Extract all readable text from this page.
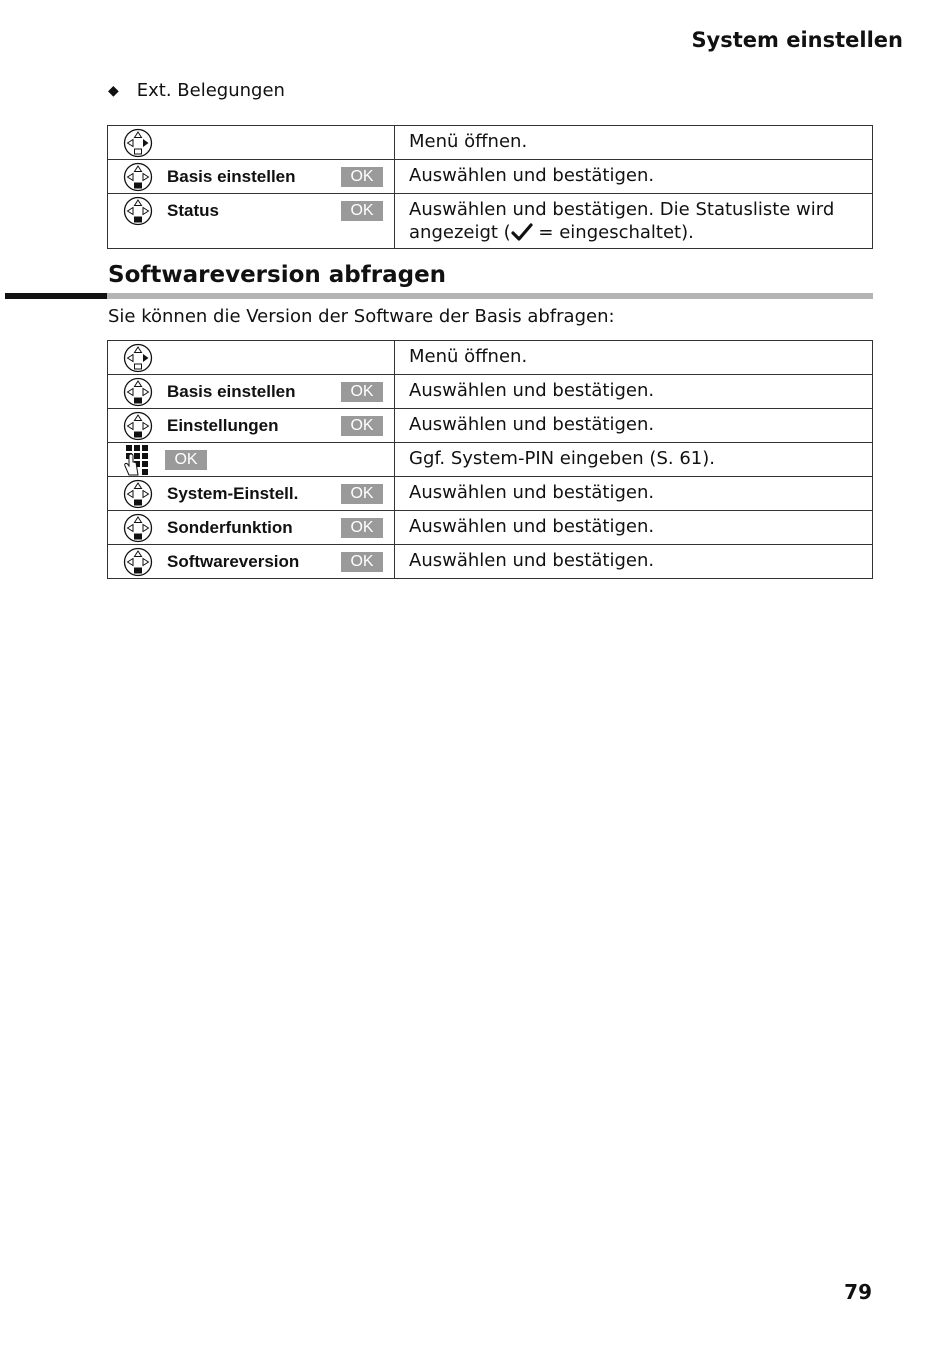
System einstellen
◆ Ext. Belegungen
	Menü öffnen.

Basis einstellen OK	Auswählen und bestätigen.

Status OK	Auswählen und bestätigen. Die Statusliste wird angezeigt ( = eingeschaltet).
Softwareversion abfragen
Sie können die Version der Software der Basis abfragen:
	Menü öffnen.

Basis einstellen OK	Auswählen und bestätigen.

Einstellungen OK	Auswählen und bestätigen.

OK	Ggf. System-PIN eingeben (S. 61).

System-Einstell. OK	Auswählen und bestätigen.

Sonderfunktion OK	Auswählen und bestätigen.

Softwareversion OK	Auswählen und bestätigen.
79
